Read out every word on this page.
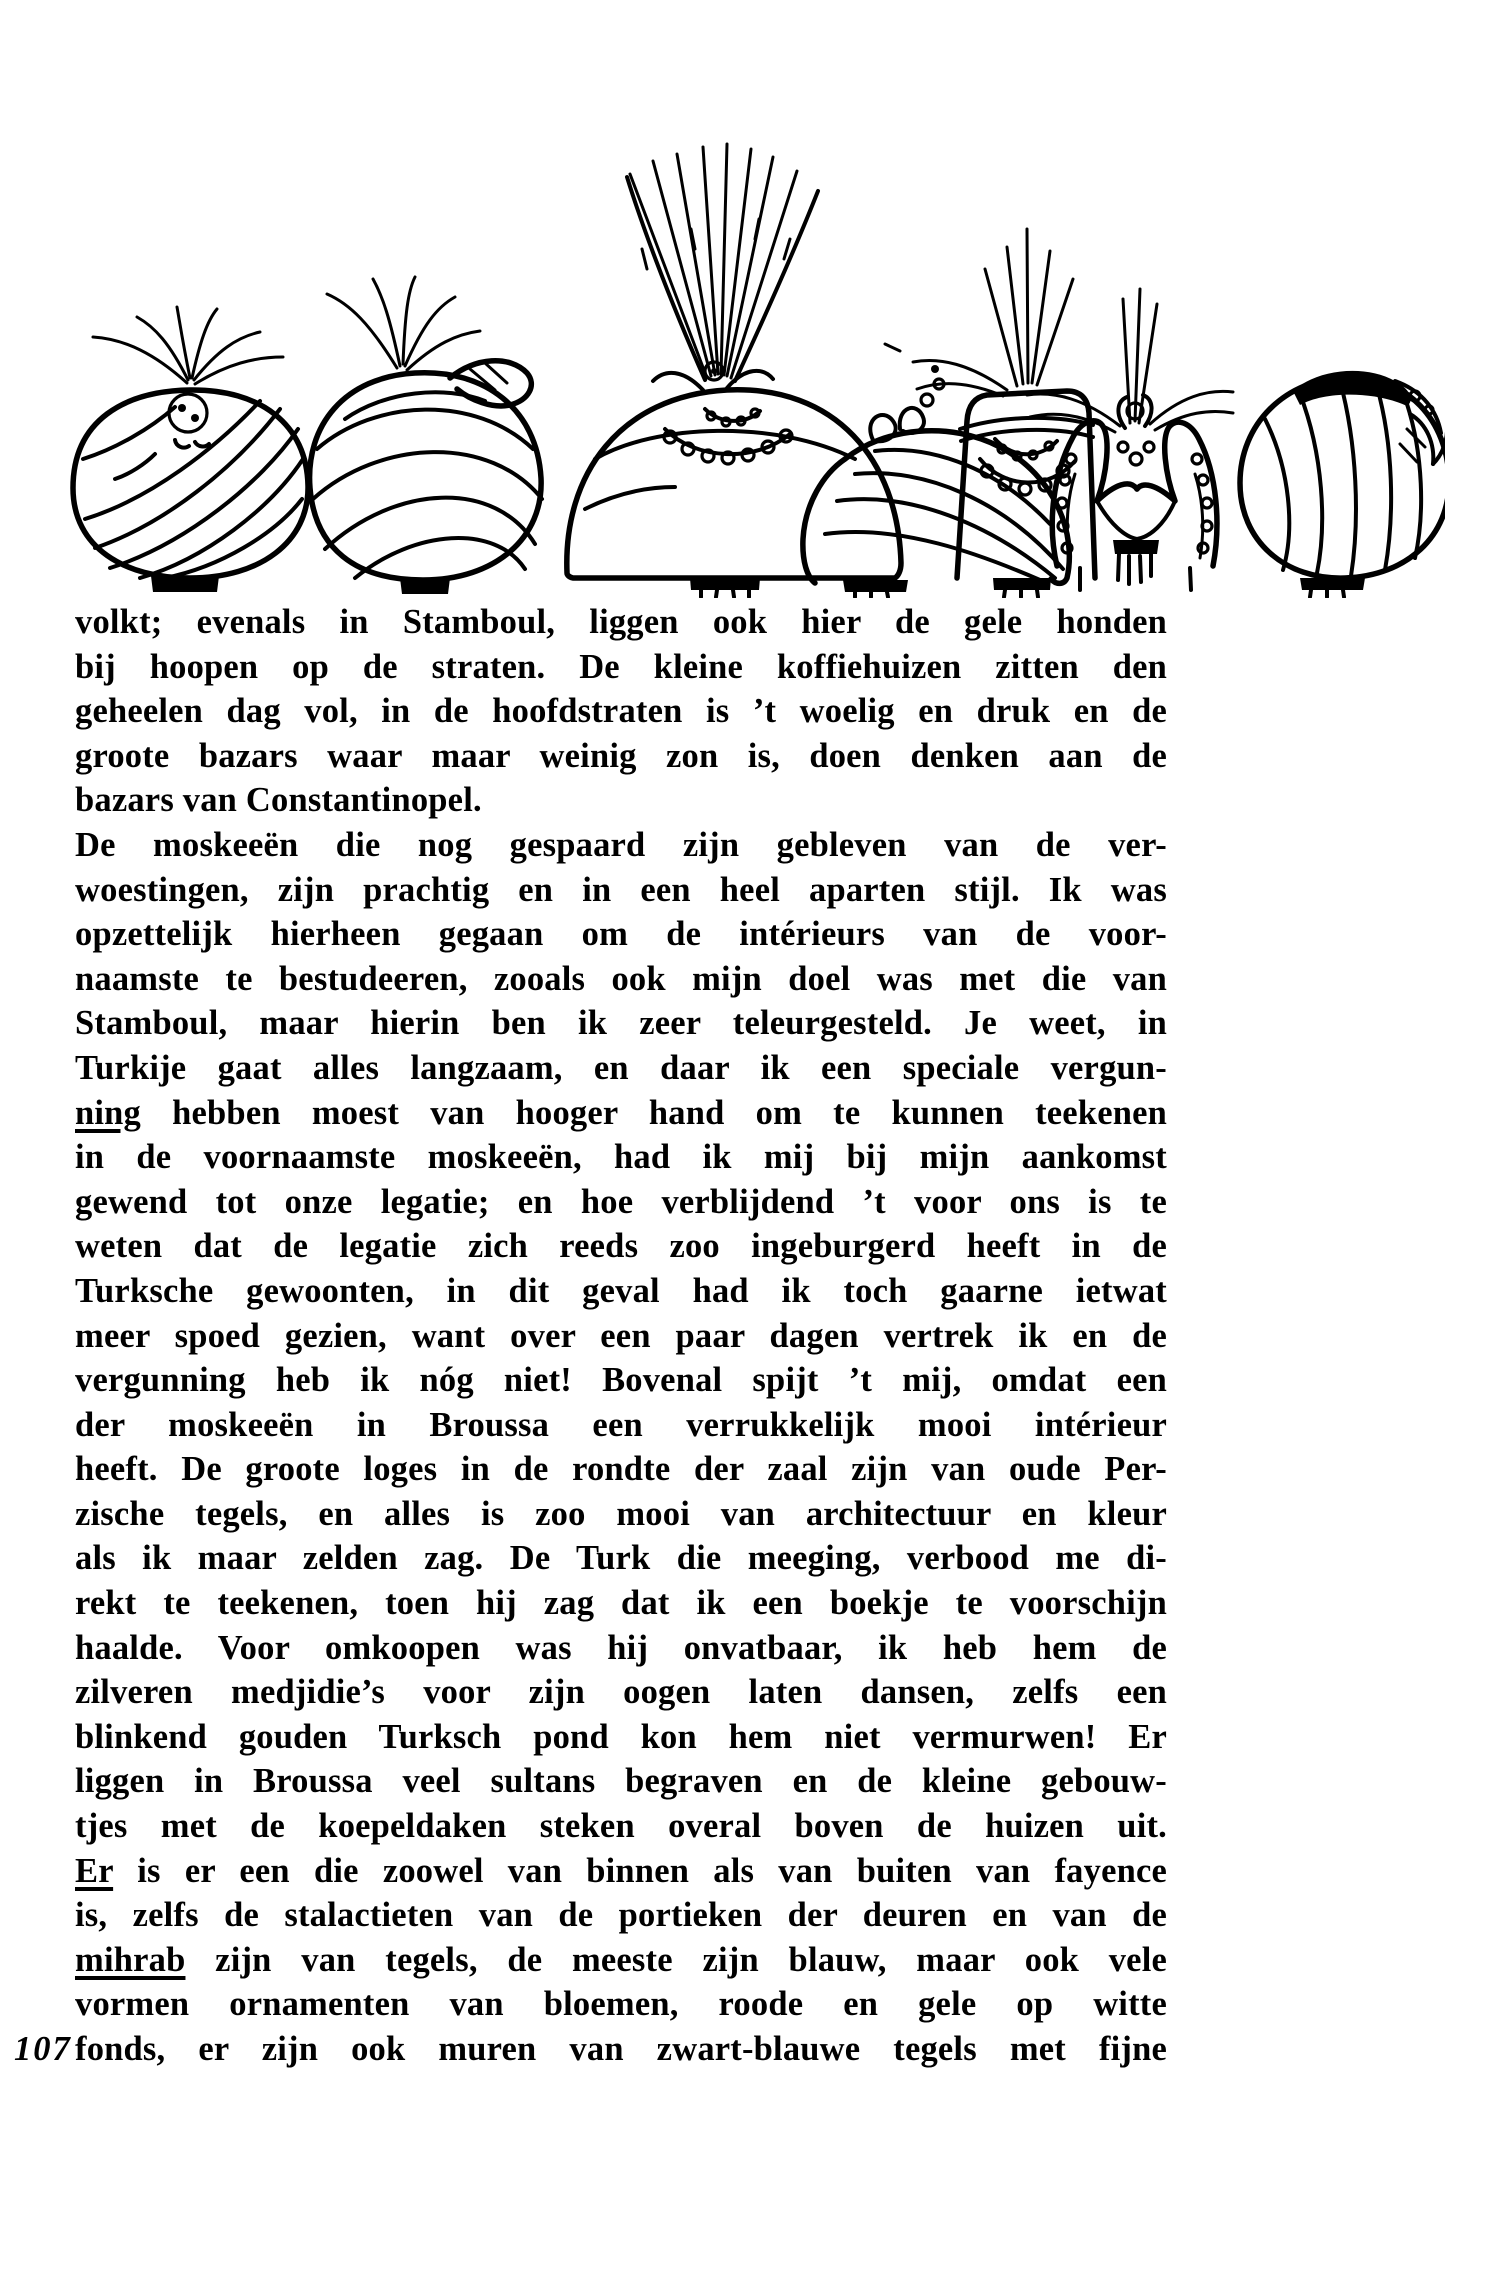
volkt; evenals in Stamboul, liggen ook hier de gele honden
bij hoopen op de straten. De kleine koffiehuizen zitten den
geheelen dag vol, in de hoofdstraten is ’t woelig en druk en de
groote bazars waar maar weinig zon is, doen denken aan de
bazars van Constantinopel.
De moskeeën die nog gespaard zijn gebleven van de ver-
woestingen, zijn prachtig en in een heel aparten stijl. Ik was
opzettelijk hierheen gegaan om de intérieurs van de voor-
naamste te bestudeeren, zooals ook mijn doel was met die van
Stamboul, maar hierin ben ik zeer teleurgesteld. Je weet, in
Turkije gaat alles langzaam, en daar ik een speciale vergun-
ning hebben moest van hooger hand om te kunnen teekenen
in de voornaamste moskeeën, had ik mij bij mijn aankomst
gewend tot onze legatie; en hoe verblijdend ’t voor ons is te
weten dat de legatie zich reeds zoo ingeburgerd heeft in de
Turksche gewoonten, in dit geval had ik toch gaarne ietwat
meer spoed gezien, want over een paar dagen vertrek ik en de
vergunning heb ik nóg niet! Bovenal spijt ’t mij, omdat een
der moskeeën in Broussa een verrukkelijk mooi intérieur
heeft. De groote loges in de rondte der zaal zijn van oude Per-
zische tegels, en alles is zoo mooi van architectuur en kleur
als ik maar zelden zag. De Turk die meeging, verbood me di-
rekt te teekenen, toen hij zag dat ik een boekje te voorschijn
haalde. Voor omkoopen was hij onvatbaar, ik heb hem de
zilveren medjidie’s voor zijn oogen laten dansen, zelfs een
blinkend gouden Turksch pond kon hem niet vermurwen! Er
liggen in Broussa veel sultans begraven en de kleine gebouw-
tjes met de koepeldaken steken overal boven de huizen uit.
Er is er een die zoowel van binnen als van buiten van fayence
is, zelfs de stalactieten van de portieken der deuren en van de
mihrab zijn van tegels, de meeste zijn blauw, maar ook vele
vormen ornamenten van bloemen, roode en gele op witte
fonds, er zijn ook muren van zwart-blauwe tegels met fijne
107
